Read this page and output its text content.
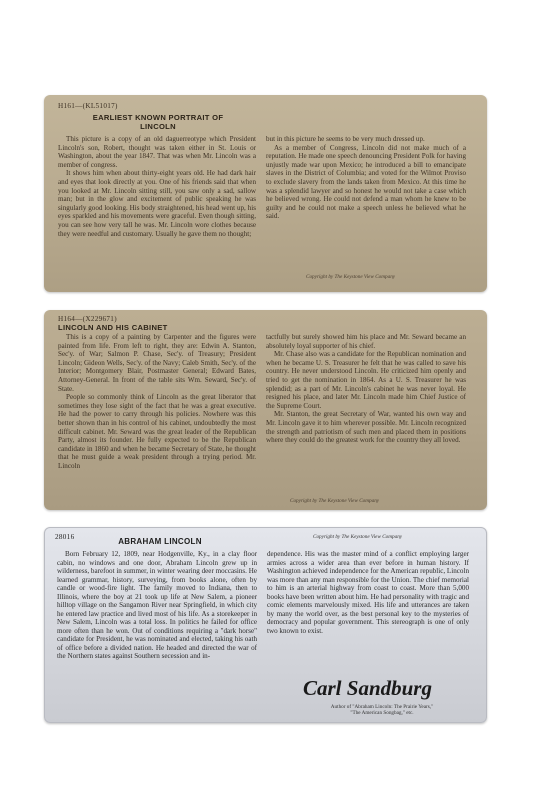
H161—(KL51017)
EARLIEST KNOWN PORTRAIT OF
LINCOLN

This picture is a copy of an old daguerreotype which President Lincoln's son, Robert, thought was taken either in St. Louis or Washington, about the year 1847. That was when Mr. Lincoln was a member of congress.

It shows him when about thirty-eight years old. He had dark hair and eyes that look directly at you. One of his friends said that when you looked at Mr. Lincoln sitting still, you saw only a sad, sallow man; but in the glow and excitement of public speaking he was singularly good looking. His body straightened, his head went up, his eyes sparkled and his movements were graceful. Even though sitting, you can see how very tall he was. Mr. Lincoln wore clothes because they were needful and customary. Usually he gave them no thought;

but in this picture he seems to be very much dressed up.

As a member of Congress, Lincoln did not make much of a reputation. He made one speech denouncing President Polk for having unjustly made war upon Mexico; he introduced a bill to emancipate slaves in the District of Columbia; and voted for the Wilmot Proviso to exclude slavery from the lands taken from Mexico. At this time he was a splendid lawyer and so honest he would not take a case which he believed wrong. He could not defend a man whom he knew to be guilty and he could not make a speech unless he believed what he said.

Copyright by The Keystone View Company
H164—(X229671)
LINCOLN AND HIS CABINET

This is a copy of a painting by Carpenter and the figures were painted from life. From left to right, they are: Edwin A. Stanton, Sec'y. of War; Salmon P. Chase, Sec'y. of Treasury; President Lincoln; Gideon Wells, Sec'y. of the Navy; Caleb Smith, Sec'y. of the Interior; Montgomery Blair, Postmaster General; Edward Bates, Attorney-General. In front of the table sits Wm. Seward, Sec'y. of State.

People so commonly think of Lincoln as the great liberator that sometimes they lose sight of the fact that he was a great executive. He had the power to carry through his policies. Nowhere was this better shown than in his control of his cabinet, undoubtedly the most difficult cabinet. Mr. Seward was the great leader of the Republican Party, almost its founder. He fully expected to be the Republican candidate in 1860 and when he became Secretary of State, he thought that he must guide a weak president through a trying period. Mr. Lincoln

tactfully but surely showed him his place and Mr. Seward became an absolutely loyal supporter of his chief.

Mr. Chase also was a candidate for the Republican nomination and when he became U. S. Treasurer he felt that he was called to save his country. He never understood Lincoln. He criticized him openly and tried to get the nomination in 1864. As a U. S. Treasurer he was splendid; as a part of Mr. Lincoln's cabinet he was never loyal. He resigned his place, and later Mr. Lincoln made him Chief Justice of the Supreme Court.

Mr. Stanton, the great Secretary of War, wanted his own way and Mr. Lincoln gave it to him wherever possible. Mr. Lincoln recognized the strength and patriotism of such men and placed them in positions where they could do the greatest work for the country they all loved.

Copyright by The Keystone View Company
28016	ABRAHAM LINCOLN	Copyright by The Keystone View Company

Born February 12, 1809, near Hodgenville, Ky., in a clay floor cabin, no windows and one door, Abraham Lincoln grew up in wilderness, barefoot in summer, in winter wearing deer moccasins. He learned grammar, history, surveying, from books alone, often by candle or wood-fire light. The family moved to Indiana, then to Illinois, where the boy at 21 took up life at New Salem, a pioneer hilltop village on the Sangamon River near Springfield, in which city he entered law practice and lived most of his life. As a storekeeper in New Salem, Lincoln was a total loss. In politics he failed for office more often than he won. Out of conditions requiring a "dark horse" candidate for President, he was nominated and elected, taking his oath of office before a divided nation. He headed and directed the war of the Northern states against Southern secession and in-

dependence. His was the master mind of a conflict employing larger armies across a wider area than ever before in human history. If Washington achieved independence for the American republic, Lincoln was more than any man responsible for the Union. The chief memorial to him is an arterial highway from coast to coast. More than 5,000 books have been written about him. He had personality with tragic and comic elements marvelously mixed. His life and utterances are taken by many the world over, as the best personal key to the mysteries of democracy and popular government. This stereograph is one of only two known to exist.

Carl Sandburg
Author of "Abraham Lincoln: The Prairie Years,"
"The American Songbag," etc.
